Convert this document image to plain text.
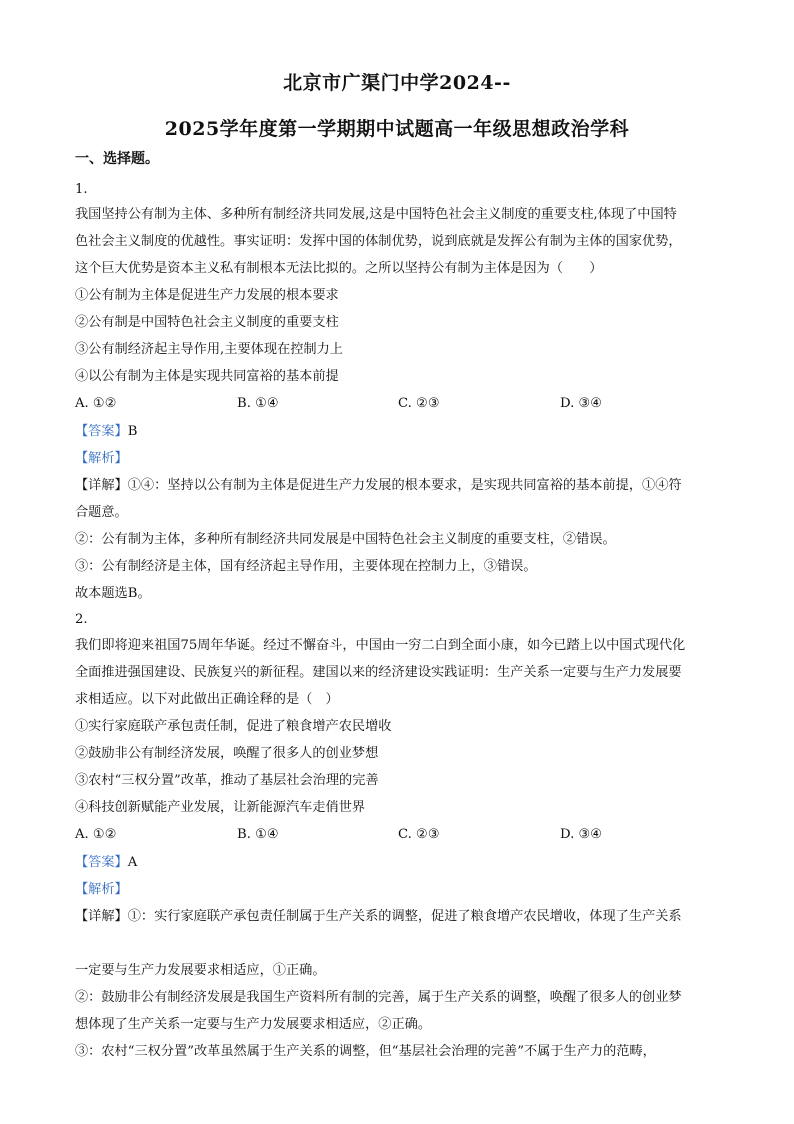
北京市广渠门中学2024--
2025学年度第一学期期中试题高一年级思想政治学科
一、选择题。
1.
我国坚持公有制为主体、多种所有制经济共同发展,这是中国特色社会主义制度的重要支柱,体现了中国特
色社会主义制度的优越性。事实证明：发挥中国的体制优势，说到底就是发挥公有制为主体的国家优势，
这个巨大优势是资本主义私有制根本无法比拟的。之所以坚持公有制为主体是因为（　　）
①公有制为主体是促进生产力发展的根本要求
②公有制是中国特色社会主义制度的重要支柱
③公有制经济起主导作用,主要体现在控制力上
④以公有制为主体是实现共同富裕的基本前提
A. ①②	B. ①④	C. ②③	D. ③④
【答案】B
【解析】
【详解】①④：坚持以公有制为主体是促进生产力发展的根本要求，是实现共同富裕的基本前提，①④符
合题意。
②：公有制为主体，多种所有制经济共同发展是中国特色社会主义制度的重要支柱，②错误。
③：公有制经济是主体，国有经济起主导作用，主要体现在控制力上，③错误。
故本题选B。
2.
我们即将迎来祖国75周年华诞。经过不懈奋斗，中国由一穷二白到全面小康，如今已踏上以中国式现代化
全面推进强国建设、民族复兴的新征程。建国以来的经济建设实践证明：生产关系一定要与生产力发展要
求相适应。以下对此做出正确诠释的是（　）
①实行家庭联产承包责任制，促进了粮食增产农民增收
②鼓励非公有制经济发展，唤醒了很多人的创业梦想
③农村“三权分置”改革，推动了基层社会治理的完善
④科技创新赋能产业发展，让新能源汽车走俏世界
A. ①②	B. ①④	C. ②③	D. ③④
【答案】A
【解析】
【详解】①：实行家庭联产承包责任制属于生产关系的调整，促进了粮食增产农民增收，体现了生产关系
一定要与生产力发展要求相适应，①正确。
②：鼓励非公有制经济发展是我国生产资料所有制的完善，属于生产关系的调整，唤醒了很多人的创业梦
想体现了生产关系一定要与生产力发展要求相适应，②正确。
③：农村“三权分置”改革虽然属于生产关系的调整，但“基层社会治理的完善”不属于生产力的范畴，
